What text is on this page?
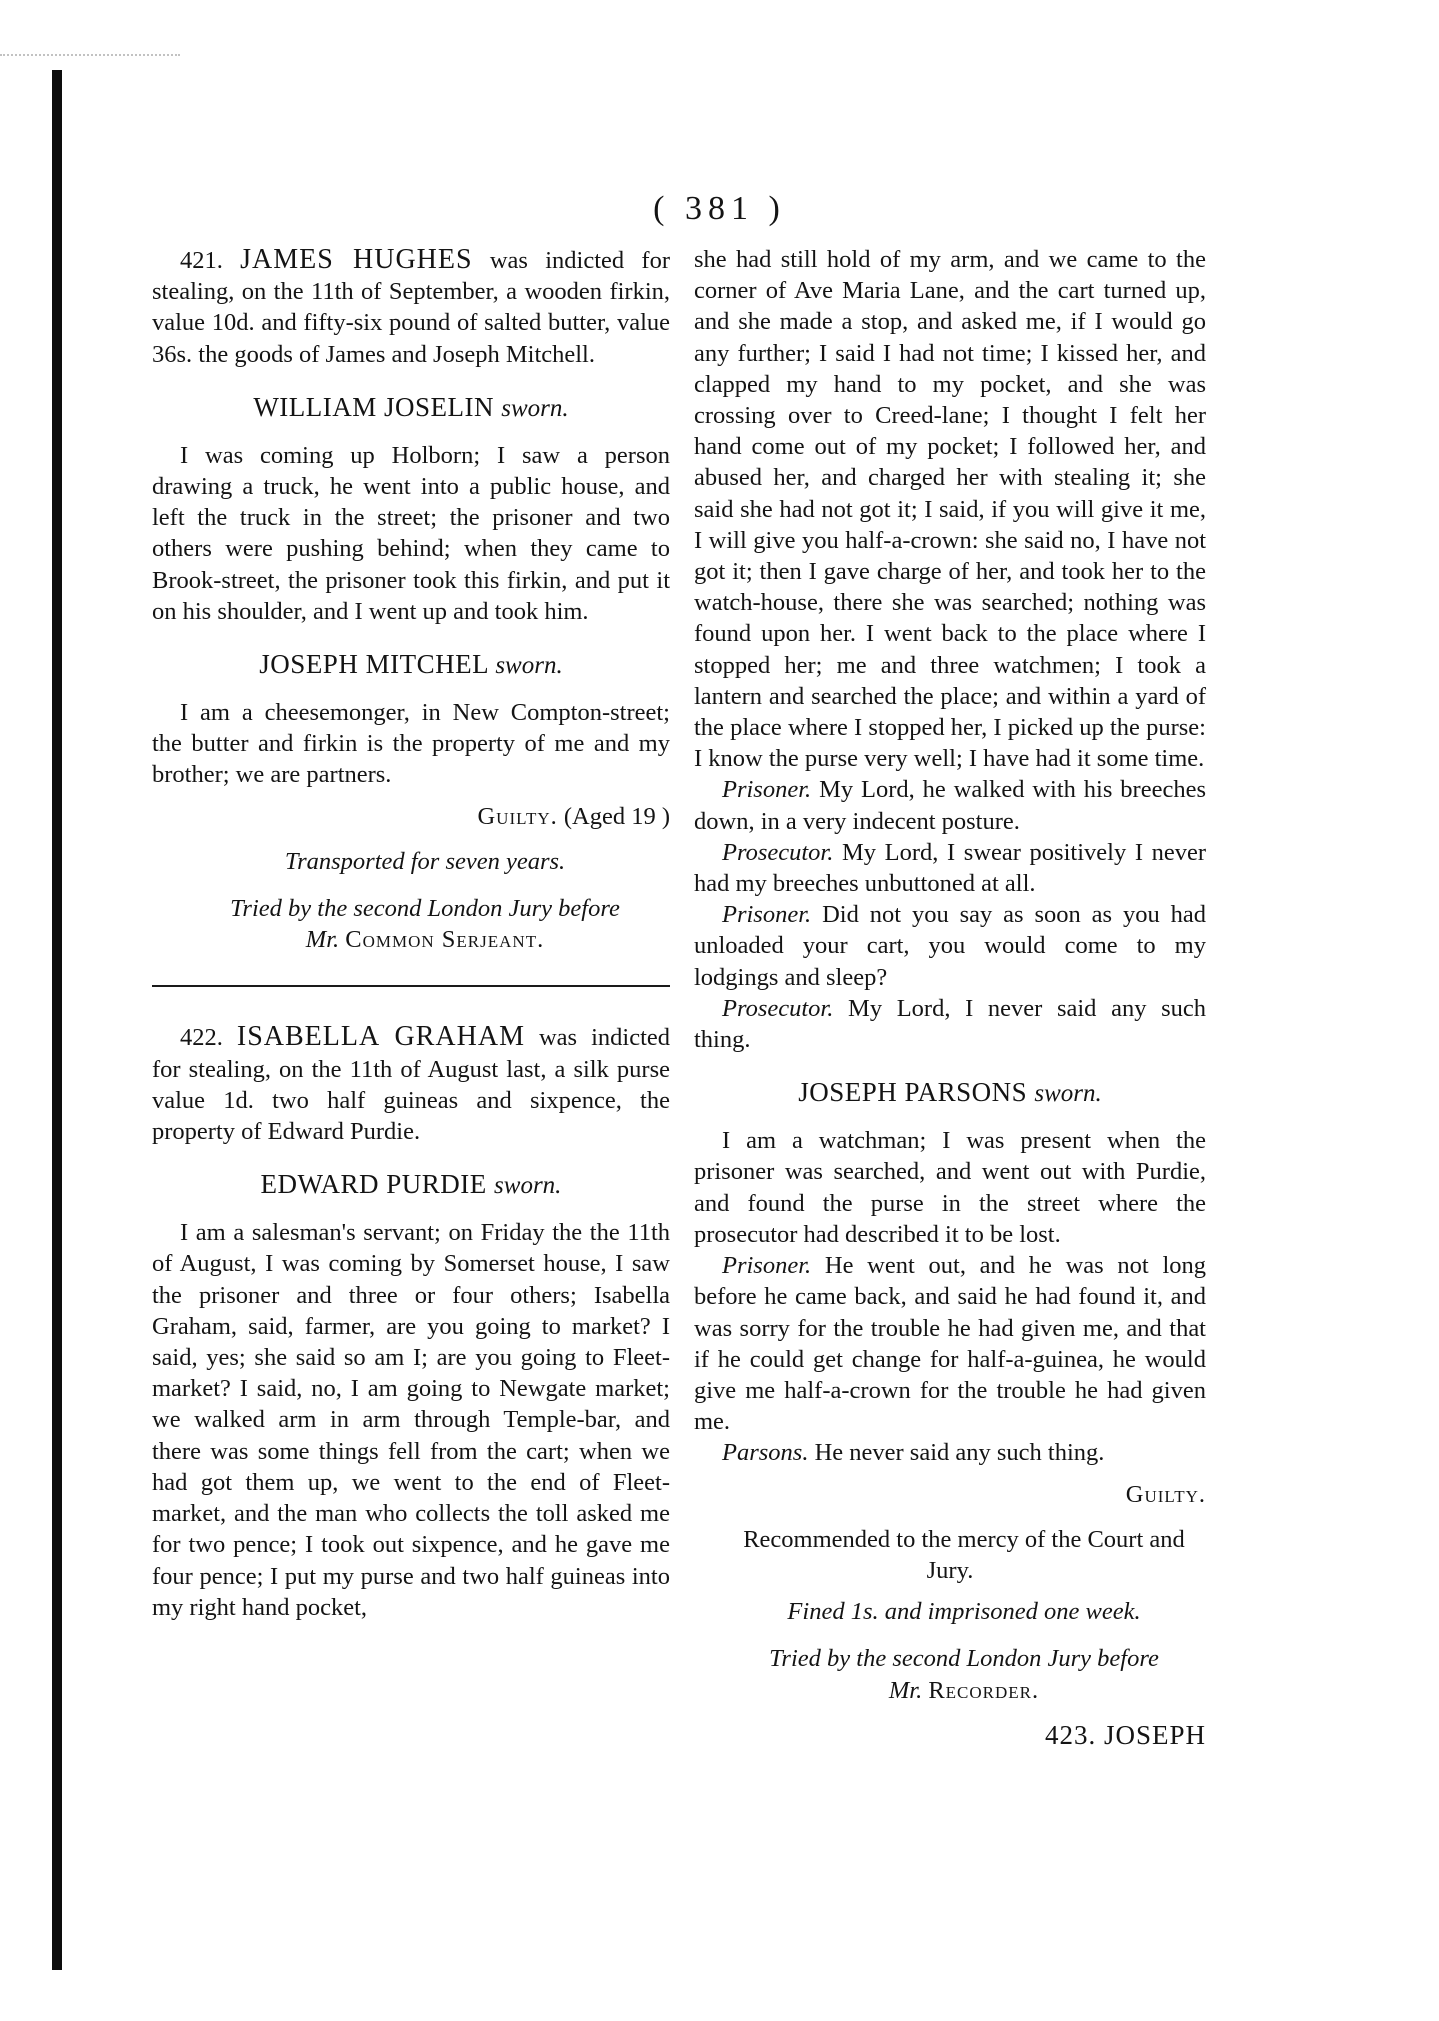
( 381 )

421. JAMES HUGHES was indicted for stealing, on the 11th of September, a wooden firkin, value 10d. and fifty-six pound of salted butter, value 36s. the goods of James and Joseph Mitchell.

WILLIAM JOSELIN sworn.

I was coming up Holborn; I saw a person drawing a truck, he went into a public house, and left the truck in the street; the prisoner and two others were pushing behind; when they came to Brook-street, the prisoner took this firkin, and put it on his shoulder, and I went up and took him.

JOSEPH MITCHEL sworn.

I am a cheesemonger, in New Compton-street; the butter and firkin is the property of me and my brother; we are partners.

Guilty. (Aged 19 )

Transported for seven years.

Tried by the second London Jury before

Mr. Common Serjeant.

422. ISABELLA GRAHAM was indicted for stealing, on the 11th of August last, a silk purse value 1d. two half guineas and sixpence, the property of Edward Purdie.

EDWARD PURDIE sworn.

I am a salesman's servant; on Friday the the 11th of August, I was coming by Somerset house, I saw the prisoner and three or four others; Isabella Graham, said, farmer, are you going to market? I said, yes; she said so am I; are you going to Fleet-market? I said, no, I am going to Newgate market; we walked arm in arm through Temple-bar, and there was some things fell from the cart; when we had got them up, we went to the end of Fleet-market, and the man who collects the toll asked me for two pence; I took out sixpence, and he gave me four pence; I put my purse and two half guineas into my right hand pocket,

she had still hold of my arm, and we came to the corner of Ave Maria Lane, and the cart turned up, and she made a stop, and asked me, if I would go any further; I said I had not time; I kissed her, and clapped my hand to my pocket, and she was crossing over to Creed-lane; I thought I felt her hand come out of my pocket; I followed her, and abused her, and charged her with stealing it; she said she had not got it; I said, if you will give it me, I will give you half-a-crown: she said no, I have not got it; then I gave charge of her, and took her to the watch-house, there she was searched; nothing was found upon her. I went back to the place where I stopped her; me and three watchmen; I took a lantern and searched the place; and within a yard of the place where I stopped her, I picked up the purse: I know the purse very well; I have had it some time.

Prisoner. My Lord, he walked with his breeches down, in a very indecent posture.

Prosecutor. My Lord, I swear positively I never had my breeches unbuttoned at all.

Prisoner. Did not you say as soon as you had unloaded your cart, you would come to my lodgings and sleep?

Prosecutor. My Lord, I never said any such thing.

JOSEPH PARSONS sworn.

I am a watchman; I was present when the prisoner was searched, and went out with Purdie, and found the purse in the street where the prosecutor had described it to be lost.

Prisoner. He went out, and he was not long before he came back, and said he had found it, and was sorry for the trouble he had given me, and that if he could get change for half-a-guinea, he would give me half-a-crown for the trouble he had given me.

Parsons. He never said any such thing.

Guilty.

Recommended to the mercy of the Court and Jury.

Fined 1s. and imprisoned one week.

Tried by the second London Jury before

Mr. Recorder.

423. JOSEPH
